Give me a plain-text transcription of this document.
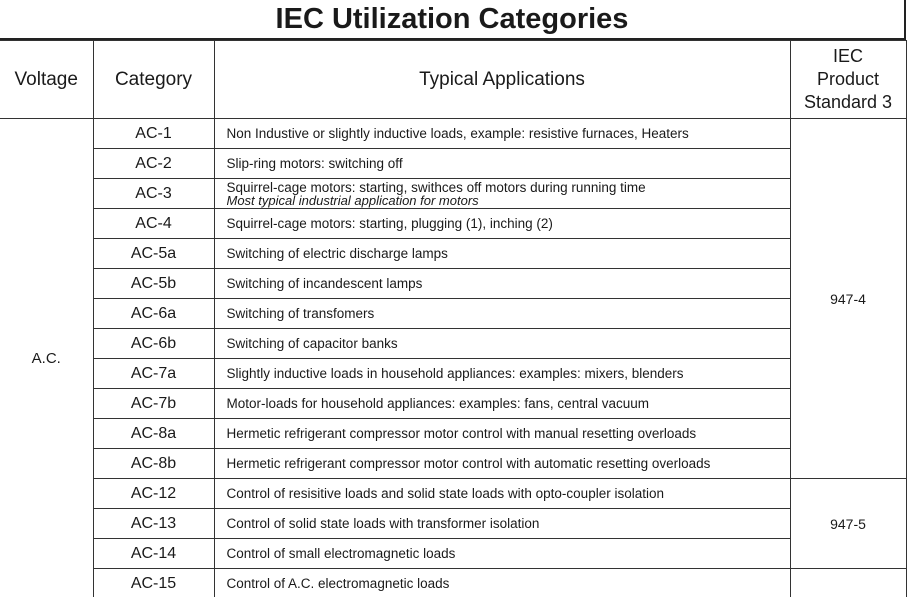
IEC Utilization Categories
Voltage	Category	Typical Applications	IEC
Product
Standard 3
A.C.	AC-1	Non Industive or slightly inductive loads, example: resistive furnaces, Heaters	947-4
	AC-2	Slip-ring motors: switching off	
	AC-3	Squirrel-cage motors: starting, swithces off motors during running time
Most typical industrial application for motors	

	AC-4	Squirrel-cage motors: starting, plugging (1), inching (2)	
	AC-5a	Switching of electric discharge lamps	
	AC-5b	Switching of incandescent lamps	
	AC-6a	Switching of transfomers	
	AC-6b	Switching of capacitor banks	
	AC-7a	Slightly inductive loads in household appliances: examples: mixers, blenders	
	AC-7b	Motor-loads for household appliances: examples: fans, central vacuum	
	AC-8a	Hermetic refrigerant compressor motor control with manual resetting overloads	
	AC-8b	Hermetic refrigerant compressor motor control with automatic resetting overloads	
	AC-12	Control of resisitive loads and solid state loads with opto-coupler isolation	947-5
	AC-13	Control of solid state loads with transformer isolation	
	AC-14	Control of small electromagnetic loads	
	AC-15	Control of A.C. electromagnetic loads	
